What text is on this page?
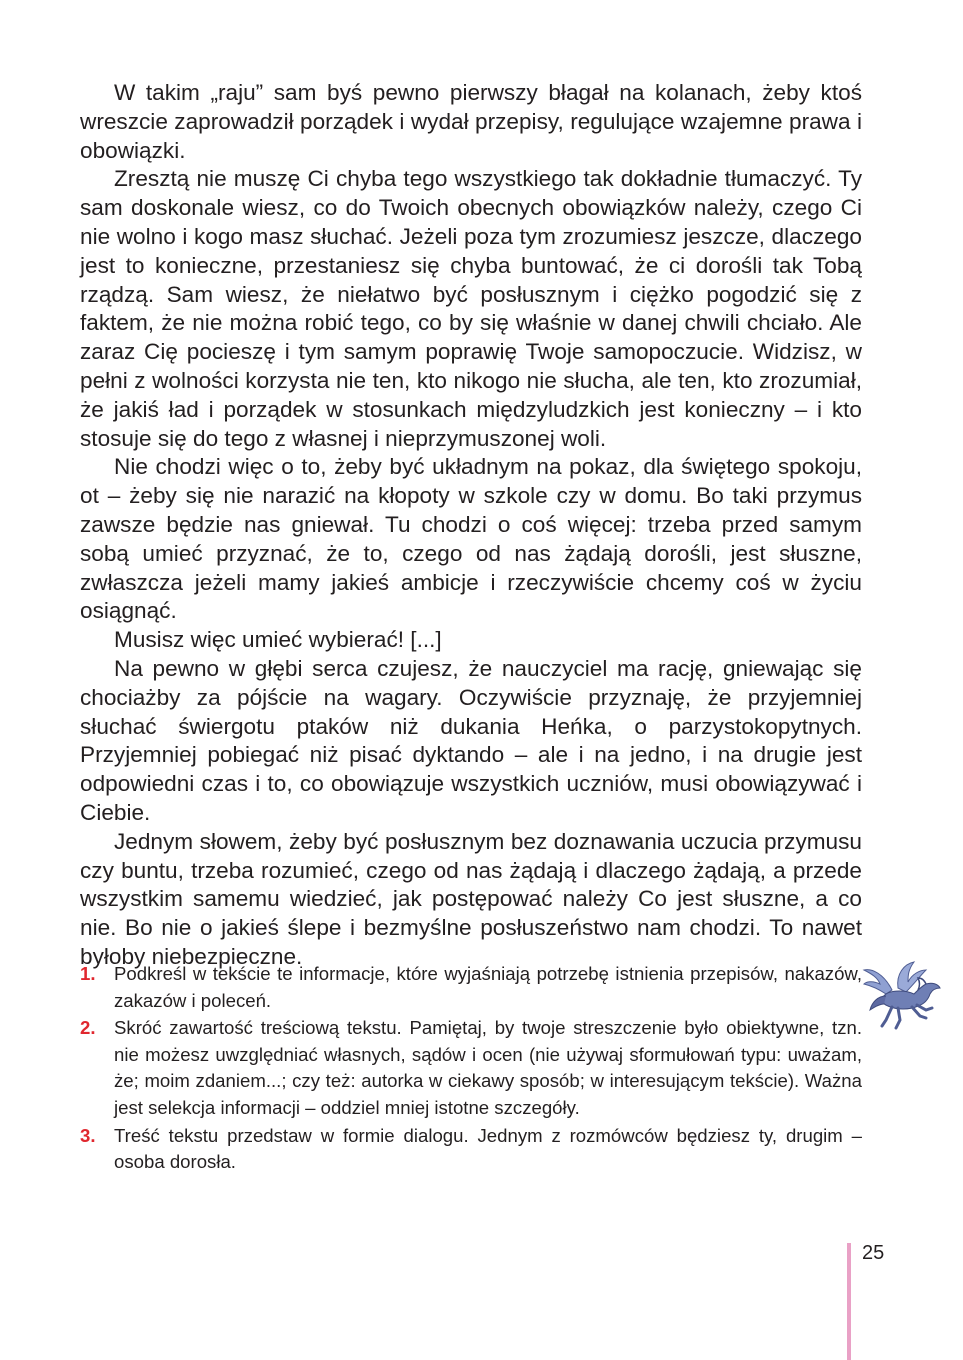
W takim „raju” sam byś pewno pierwszy błagał na kolanach, żeby ktoś wreszcie zaprowadził porządek i wydał przepisy, regulujące wzajemne prawa i obowiązki.

Zresztą nie muszę Ci chyba tego wszystkiego tak dokładnie tłumaczyć. Ty sam doskonale wiesz, co do Twoich obecnych obowiązków należy, czego Ci nie wolno i kogo masz słuchać. Jeżeli poza tym zrozumiesz jeszcze, dlaczego jest to konieczne, przestaniesz się chyba buntować, że ci dorośli tak Tobą rządzą. Sam wiesz, że niełatwo być posłusznym i ciężko pogodzić się z faktem, że nie można robić tego, co by się właśnie w danej chwili chciało. Ale zaraz Cię pocieszę i tym samym poprawię Twoje samopoczucie. Widzisz, w pełni z wolności korzysta nie ten, kto nikogo nie słucha, ale ten, kto zrozumiał, że jakiś ład i porządek w stosunkach międzyludzkich jest konieczny – i kto stosuje się do tego z własnej i nieprzymuszonej woli.

Nie chodzi więc o to, żeby być układnym na pokaz, dla świętego spokoju, ot – żeby się nie narazić na kłopoty w szkole czy w domu. Bo taki przymus zawsze będzie nas gniewał. Tu chodzi o coś więcej: trzeba przed samym sobą umieć przyznać, że to, czego od nas żądają dorośli, jest słuszne, zwłaszcza jeżeli mamy jakieś ambicje i rzeczywiście chcemy coś w życiu osiągnąć.

Musisz więc umieć wybierać! [...]

Na pewno w głębi serca czujesz, że nauczyciel ma rację, gniewając się chociażby za pójście na wagary. Oczywiście przyznaję, że przyjemniej słuchać świergotu ptaków niż dukania Heńka, o parzystokopytnych. Przyjemniej pobiegać niż pisać dyktando – ale i na jedno, i na drugie jest odpowiedni czas i to, co obowiązuje wszystkich uczniów, musi obowiązywać i Ciebie.

Jednym słowem, żeby być posłusznym bez doznawania uczucia przymusu czy buntu, trzeba rozumieć, czego od nas żądają i dlaczego żądają, a przede wszystkim samemu wiedzieć, jak postępować należy Co jest słuszne, a co nie. Bo nie o jakieś ślepe i bezmyślne posłuszeństwo nam chodzi. To nawet byłoby niebezpieczne.

1. Podkreśl w tekście te informacje, które wyjaśniają potrzebę istnienia przepisów, nakazów, zakazów i poleceń.
2. Skróć zawartość treściową tekstu. Pamiętaj, by twoje streszczenie było obiektywne, tzn. nie możesz uwzględniać własnych, sądów i ocen (nie używaj sformułowań typu: uważam, że; moim zdaniem...; czy też: autorka w ciekawy sposób; w interesującym tekście). Ważna jest selekcja informacji – oddziel mniej istotne szczegóły.
3. Treść tekstu przedstaw w formie dialogu. Jednym z rozmówców będziesz ty, drugim – osoba dorosła.
25
